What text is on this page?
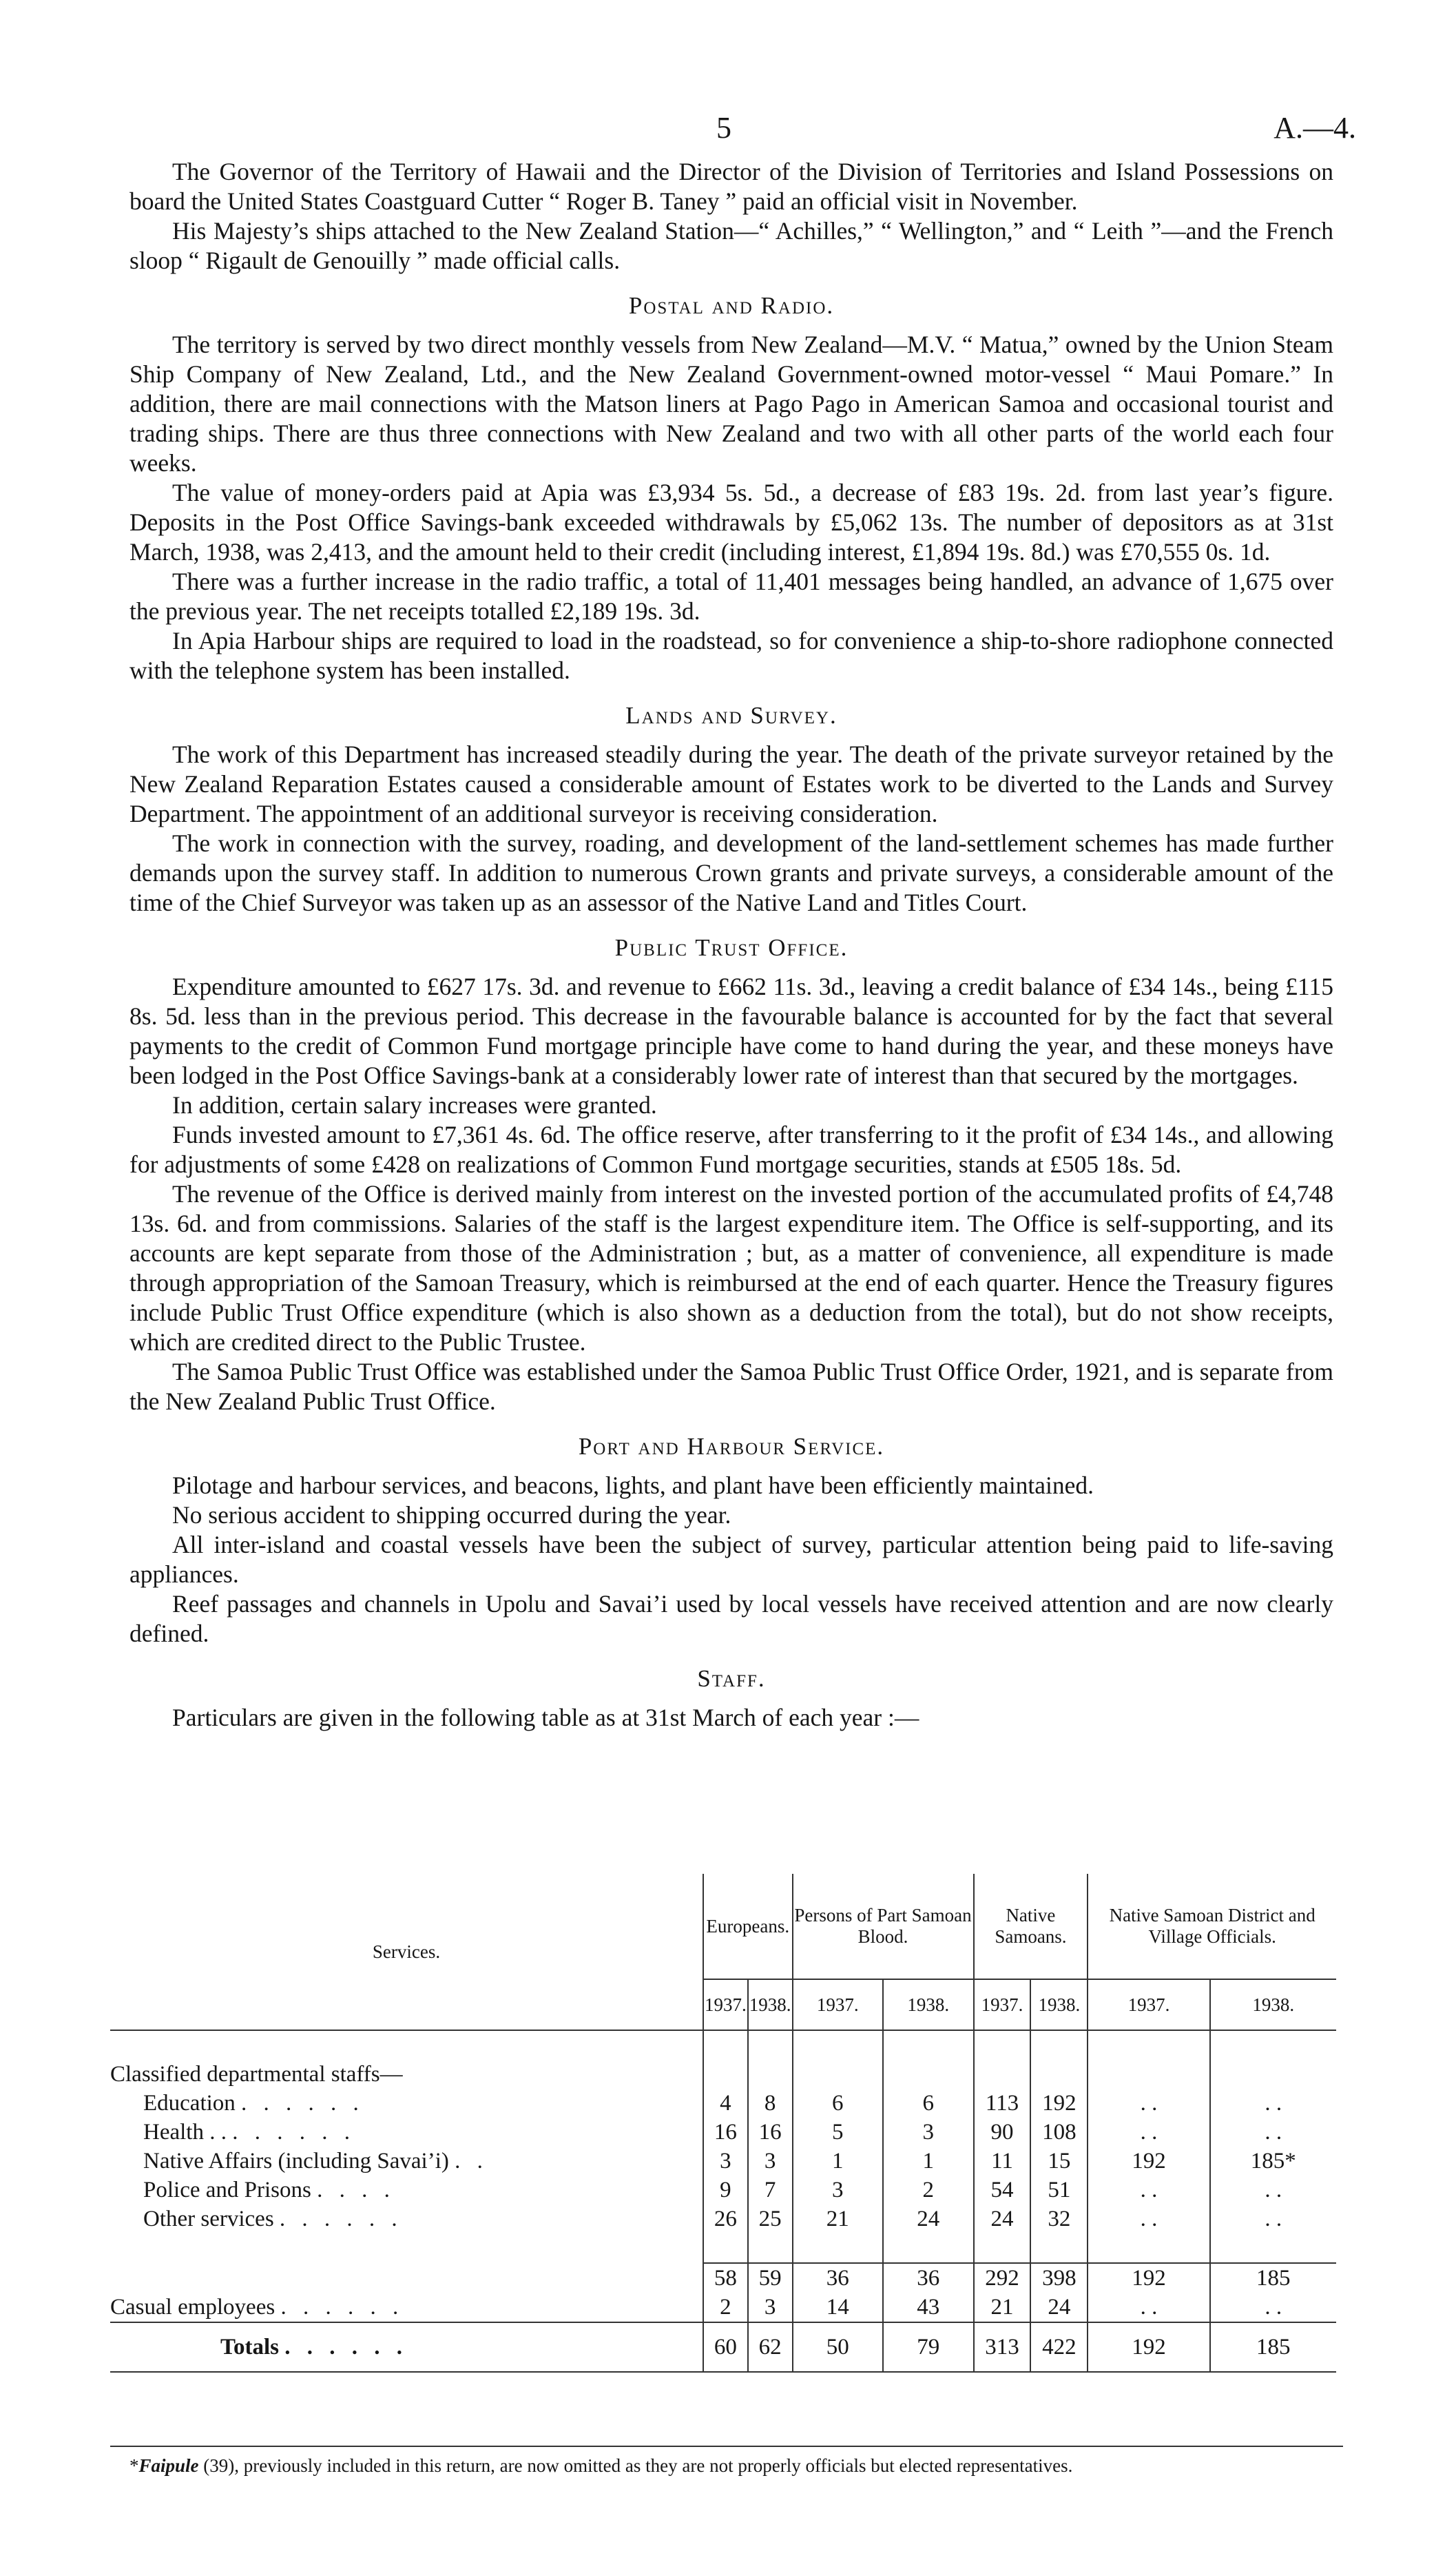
5	A.—4.

The Governor of the Territory of Hawaii and the Director of the Division of Territories and Island Possessions on board the United States Coastguard Cutter “ Roger B. Taney ” paid an official visit in November.

His Majesty’s ships attached to the New Zealand Station—“ Achilles,” “ Wellington,” and “ Leith ”—and the French sloop “ Rigault de Genouilly ” made official calls.

Postal and Radio.

The territory is served by two direct monthly vessels from New Zealand—M.V. “ Matua,” owned by the Union Steam Ship Company of New Zealand, Ltd., and the New Zealand Government-owned motor-vessel “ Maui Pomare.” In addition, there are mail connections with the Matson liners at Pago Pago in American Samoa and occasional tourist and trading ships. There are thus three connections with New Zealand and two with all other parts of the world each four weeks.

The value of money-orders paid at Apia was £3,934 5s. 5d., a decrease of £83 19s. 2d. from last year’s figure. Deposits in the Post Office Savings-bank exceeded withdrawals by £5,062 13s. The number of depositors as at 31st March, 1938, was 2,413, and the amount held to their credit (including interest, £1,894 19s. 8d.) was £70,555 0s. 1d.

There was a further increase in the radio traffic, a total of 11,401 messages being handled, an advance of 1,675 over the previous year. The net receipts totalled £2,189 19s. 3d.

In Apia Harbour ships are required to load in the roadstead, so for convenience a ship-to-shore radiophone connected with the telephone system has been installed.

Lands and Survey.

The work of this Department has increased steadily during the year. The death of the private surveyor retained by the New Zealand Reparation Estates caused a considerable amount of Estates work to be diverted to the Lands and Survey Department. The appointment of an additional surveyor is receiving consideration.

The work in connection with the survey, roading, and development of the land-settlement schemes has made further demands upon the survey staff. In addition to numerous Crown grants and private surveys, a considerable amount of the time of the Chief Surveyor was taken up as an assessor of the Native Land and Titles Court.

Public Trust Office.

Expenditure amounted to £627 17s. 3d. and revenue to £662 11s. 3d., leaving a credit balance of £34 14s., being £115 8s. 5d. less than in the previous period. This decrease in the favourable balance is accounted for by the fact that several payments to the credit of Common Fund mortgage principle have come to hand during the year, and these moneys have been lodged in the Post Office Savings-bank at a considerably lower rate of interest than that secured by the mortgages.

In addition, certain salary increases were granted.

Funds invested amount to £7,361 4s. 6d. The office reserve, after transferring to it the profit of £34 14s., and allowing for adjustments of some £428 on realizations of Common Fund mortgage securities, stands at £505 18s. 5d.

The revenue of the Office is derived mainly from interest on the invested portion of the accumulated profits of £4,748 13s. 6d. and from commissions. Salaries of the staff is the largest expenditure item. The Office is self-supporting, and its accounts are kept separate from those of the Administration ; but, as a matter of convenience, all expenditure is made through appropriation of the Samoan Treasury, which is reimbursed at the end of each quarter. Hence the Treasury figures include Public Trust Office expenditure (which is also shown as a deduction from the total), but do not show receipts, which are credited direct to the Public Trustee.

The Samoa Public Trust Office was established under the Samoa Public Trust Office Order, 1921, and is separate from the New Zealand Public Trust Office.

Port and Harbour Service.

Pilotage and harbour services, and beacons, lights, and plant have been efficiently maintained.

No serious accident to shipping occurred during the year.

All inter-island and coastal vessels have been the subject of survey, particular attention being paid to life-saving appliances.

Reef passages and channels in Upolu and Savai’i used by local vessels have received attention and are now clearly defined.

Staff.

Particulars are given in the following table as at 31st March of each year :—

Services.	Europeans.		Persons of Part Samoan Blood.		Native Samoans.		Native Samoan District and Village Officials.	
	1937.	1938.	1937.	1938.	1937.	1938.	1937.	1938.

Classified departmental staffs—								
Education . . . . . .	4	8	6	6	113	192	. .	. .
Health . . . . . . . .	16	16	5	3	90	108	. .	. .
Native Affairs (including Savai’i) . .	3	3	1	1	11	15	192	185*
Police and Prisons . . . .	9	7	3	2	54	51	. .	. .
Other services . . . . . .	26	25	21	24	24	32	. .	. .

	58	59	36	36	292	398	192	185
Casual employees . . . . . .	2	3	14	43	21	24	. .	. .
Totals . . . . . .	60	62	50	79	313	422	192	185
*Faipule (39), previously included in this return, are now omitted as they are not properly officials but elected representatives.
